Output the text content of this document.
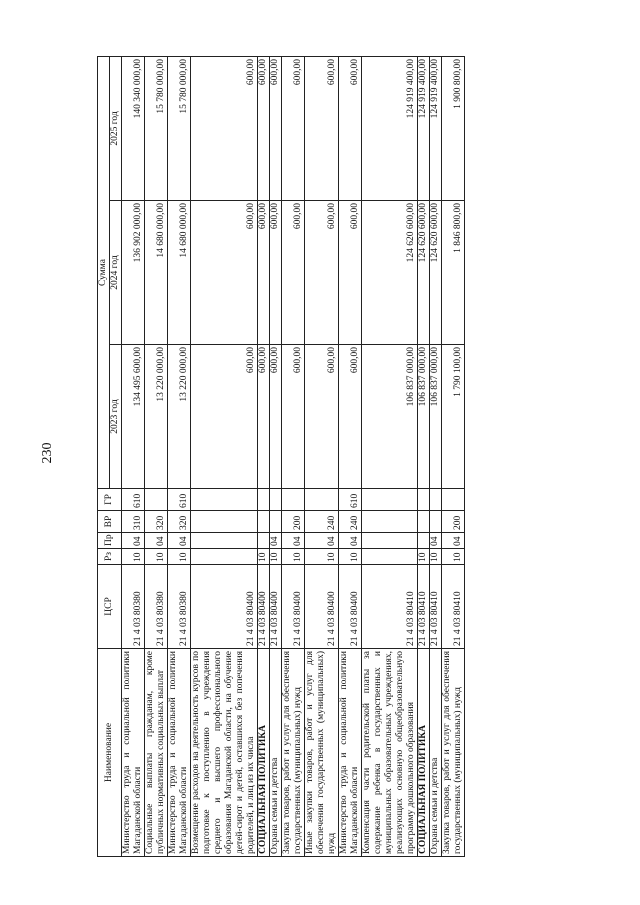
230
Наименование	ЦСР	Рз	Пр	ВР	ГР	Сумма		
						2023 год	2024 год	2025 год
Министерство труда и социальной политики Магаданской области	21 4 03 80380	10	04	310	610	134 495 600,00	136 902 000,00	140 340 000,00
Социальные выплаты гражданам, кроме публичных нормативных социальных выплат	21 4 03 80380	10	04	320		13 220 000,00	14 680 000,00	15 780 000,00
Министерство труда и социальной политики Магаданской области	21 4 03 80380	10	04	320	610	13 220 000,00	14 680 000,00	15 780 000,00
Возмещение расходов на деятельность курсов по подготовке к поступлению в учреждения среднего и высшего профессионального образования Магаданской области, на обучение детей-сирот и детей, оставшихся без попечения родителей, и лиц из их числа	21 4 03 80400					600,00	600,00	600,00
СОЦИАЛЬНАЯ ПОЛИТИКА	21 4 03 80400	10				600,00	600,00	600,00
Охрана семьи и детства	21 4 03 80400	10	04			600,00	600,00	600,00
Закупка товаров, работ и услуг для обеспечения государственных (муниципальных) нужд	21 4 03 80400	10	04	200		600,00	600,00	600,00
Иные закупки товаров, работ и услуг для обеспечения государственных (муниципальных) нужд	21 4 03 80400	10	04	240		600,00	600,00	600,00
Министерство труда и социальной политики Магаданской области	21 4 03 80400	10	04	240	610	600,00	600,00	600,00
Компенсация части родительской платы за содержание ребенка в государственных и муниципальных образовательных учреждениях, реализующих основную общеобразовательную программу дошкольного образования	21 4 03 80410					106 837 000,00	124 620 600,00	124 919 400,00
СОЦИАЛЬНАЯ ПОЛИТИКА	21 4 03 80410	10				106 837 000,00	124 620 600,00	124 919 400,00
Охрана семьи и детства	21 4 03 80410	10	04			106 837 000,00	124 620 600,00	124 919 400,00
Закупка товаров, работ и услуг для обеспечения государственных (муниципальных) нужд	21 4 03 80410	10	04	200		1 790 100,00	1 846 800,00	1 900 800,00
